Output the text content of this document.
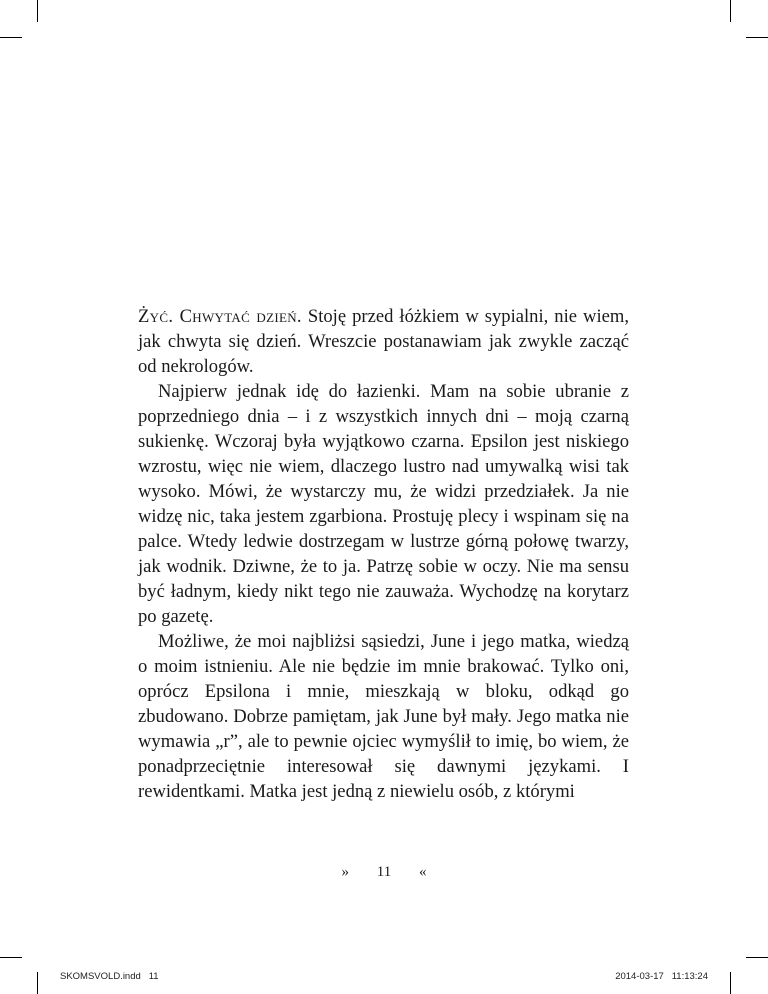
Żyć. Chwytać dzień. Stoję przed łóżkiem w sypialni, nie wiem, jak chwyta się dzień. Wreszcie postanawiam jak zwykle zacząć od nekrologów.

Najpierw jednak idę do łazienki. Mam na sobie ubranie z poprzedniego dnia – i z wszystkich innych dni – moją czarną sukienkę. Wczoraj była wyjątkowo czarna. Epsilon jest niskiego wzrostu, więc nie wiem, dlaczego lustro nad umywalką wisi tak wysoko. Mówi, że wystarczy mu, że widzi przedziałek. Ja nie widzę nic, taka jestem zgarbiona. Prostuję plecy i wspinam się na palce. Wtedy ledwie dostrzegam w lustrze górną połowę twarzy, jak wodnik. Dziwne, że to ja. Patrzę sobie w oczy. Nie ma sensu być ładnym, kiedy nikt tego nie zauważa. Wychodzę na korytarz po gazetę.

Możliwe, że moi najbliżsi sąsiedzi, June i jego matka, wiedzą o moim istnieniu. Ale nie będzie im mnie brakować. Tylko oni, oprócz Epsilona i mnie, mieszkają w bloku, odkąd go zbudowano. Dobrze pamiętam, jak June był mały. Jego matka nie wymawia „r”, ale to pewnie ojciec wymyślił to imię, bo wiem, że ponadprzeciętnie interesował się dawnymi językami. I rewidentkami. Matka jest jedną z niewielu osób, z którymi

» 11 «
SKOMSVOLD.indd   11	2014-03-17   11:13:24
